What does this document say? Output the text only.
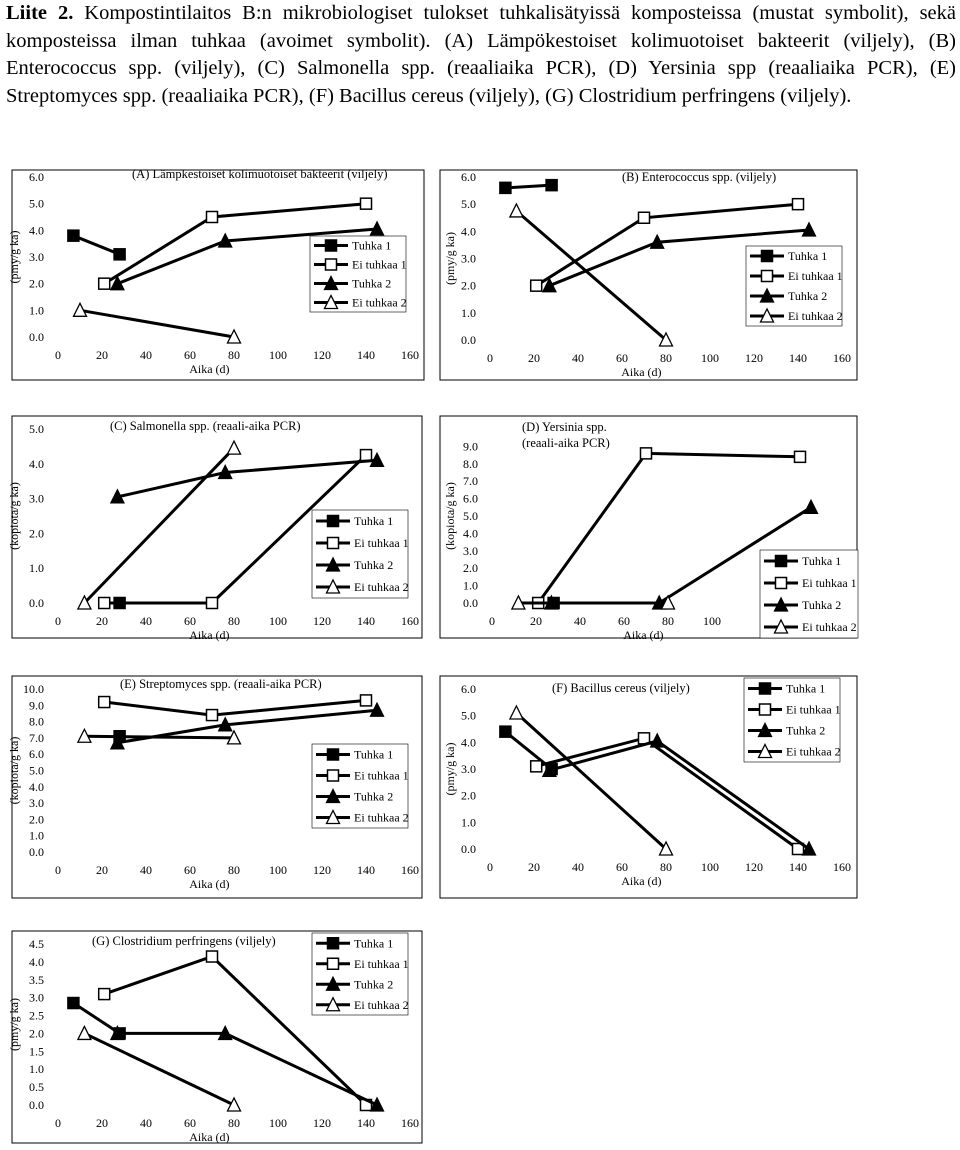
Liite 2. Kompostintilaitos B:n mikrobiologiset tulokset tuhkalisätyissä komposteissa (mustat symbolit), sekä komposteissa ilman tuhkaa (avoimet symbolit). (A) Lämpökestoiset kolimuotoiset bakteerit (viljely), (B) Enterococcus spp. (viljely), (C) Salmonella spp. (reaaliaika PCR), (D) Yersinia spp (reaaliaika PCR), (E) Streptomyces spp. (reaaliaika PCR), (F) Bacillus cereus (viljely), (G) Clostridium perfringens (viljely).
0.0
1.0
2.0
3.0
4.0
5.0
6.0
0	20	40	60	80 100 120 140 160
Aika (d)
(pmy/g ka)
(A) Lämpkestoiset kolimuotoiset bakteerit (viljely)
Tuhka 1
Ei tuhkaa 1
Tuhka 2
Ei tuhkaa 2
0.0
1.0
2.0
3.0
4.0
5.0
6.0
0	20	40	60	80 100 120 140 160
Aika (d)
(pmy/g ka)
(B) Enterococcus spp. (viljely)
Tuhka 1
Ei tuhkaa 1
Tuhka 2
Ei tuhkaa 2
0.0
1.0
2.0
3.0
4.0
5.0
0	20	40	60	80 100 120 140 160
Aika (d)
(kopiota/g ka)
(C) Salmonella spp. (reaali-aika PCR)
Tuhka 1
Ei tuhkaa 1
Tuhka 2
Ei tuhkaa 2
0.0
1.0
2.0
3.0
4.0
5.0
6.0
7.0
8.0
9.0
0	20	40	60	80 100
Aika (d)
(kopiota/g ka)
(D) Yersinia spp.
(reaali-aika PCR)
Tuhka 1
Ei tuhkaa 1
Tuhka 2
Ei tuhkaa 2
0.0
1.0
2.0
3.0
4.0
5.0
6.0
7.0
8.0
9.0
10.0
0	20	40	60	80 100 120 140 160
Aika (d)
(kopiota/g ka)
(E) Streptomyces spp. (reaali-aika PCR)
Tuhka 1
Ei tuhkaa 1
Tuhka 2
Ei tuhkaa 2
0.0
1.0
2.0
3.0
4.0
5.0
6.0
0	20	40	60	80 100 120 140 160
Aika (d)
(pmy/g ka)
(F) Bacillus cereus (viljely)	Tuhka 1
Ei tuhkaa 1
Tuhka 2
Ei tuhkaa 2
0.0
0.5
1.0
1.5
2.0
2.5
3.0
3.5
4.0
4.5
0	20	40	60	80 100 120 140 160
Aika (d)
(pmy/g ka)
(G) Clostridium perfringens (viljely)	Tuhka 1
Ei tuhkaa 1
Tuhka 2
Ei tuhkaa 2
